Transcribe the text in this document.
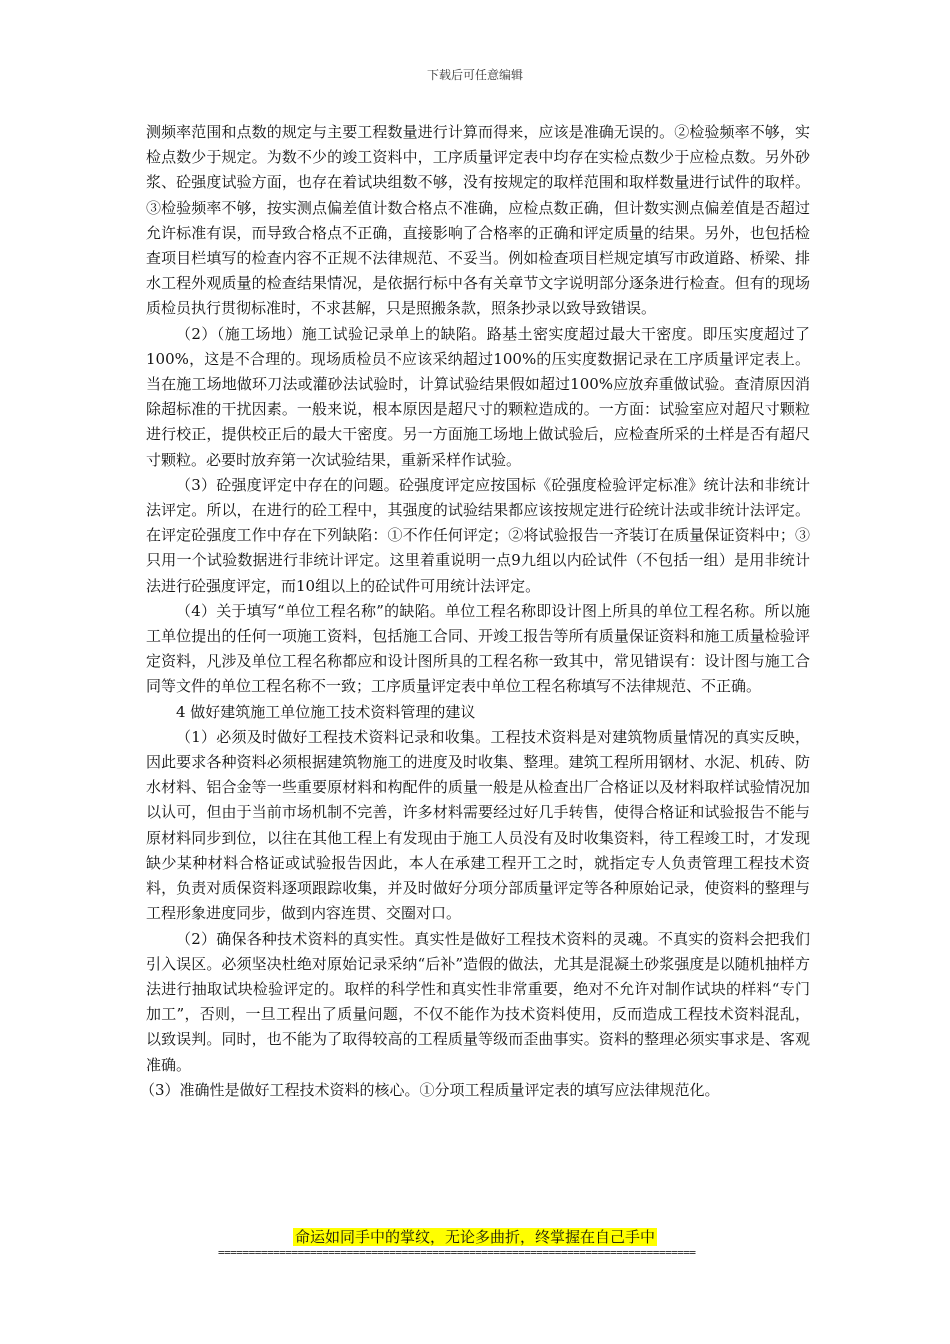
下载后可任意编辑

测频率范围和点数的规定与主要工程数量进行计算而得来，应该是准确无误的。②检验频率不够，实检点数少于规定。为数不少的竣工资料中，工序质量评定表中均存在实检点数少于应检点数。另外砂浆、砼强度试验方面，也存在着试块组数不够，没有按规定的取样范围和取样数量进行试件的取样。③检验频率不够，按实测点偏差值计数合格点不准确，应检点数正确，但计数实测点偏差值是否超过允许标准有误，而导致合格点不正确，直接影响了合格率的正确和评定质量的结果。另外，也包括检查项目栏填写的检查内容不正规不法律规范、不妥当。例如检查项目栏规定填写市政道路、桥梁、排水工程外观质量的检查结果情况，是依据行标中各有关章节文字说明部分逐条进行检查。但有的现场质检员执行贯彻标准时，不求甚解，只是照搬条款，照条抄录以致导致错误。

（2）（施工场地）施工试验记录单上的缺陷。路基土密实度超过最大干密度。即压实度超过了100%，这是不合理的。现场质检员不应该采纳超过100%的压实度数据记录在工序质量评定表上。当在施工场地做环刀法或灌砂法试验时，计算试验结果假如超过100%应放弃重做试验。查清原因消除超标准的干扰因素。一般来说，根本原因是超尺寸的颗粒造成的。一方面：试验室应对超尺寸颗粒进行校正，提供校正后的最大干密度。另一方面施工场地上做试验后，应检查所采的土样是否有超尺寸颗粒。必要时放弃第一次试验结果，重新采样作试验。

（3）砼强度评定中存在的问题。砼强度评定应按国标《砼强度检验评定标准》统计法和非统计法评定。所以，在进行的砼工程中，其强度的试验结果都应该按规定进行砼统计法或非统计法评定。在评定砼强度工作中存在下列缺陷：①不作任何评定；②将试验报告一齐装订在质量保证资料中；③只用一个试验数据进行非统计评定。这里着重说明一点9九组以内砼试件（不包括一组）是用非统计法进行砼强度评定，而10组以上的砼试件可用统计法评定。

（4）关于填写“单位工程名称”的缺陷。单位工程名称即设计图上所具的单位工程名称。所以施工单位提出的任何一项施工资料，包括施工合同、开竣工报告等所有质量保证资料和施工质量检验评定资料，凡涉及单位工程名称都应和设计图所具的工程名称一致其中，常见错误有：设计图与施工合同等文件的单位工程名称不一致；工序质量评定表中单位工程名称填写不法律规范、不正确。

4 做好建筑施工单位施工技术资料管理的建议

（1）必须及时做好工程技术资料记录和收集。工程技术资料是对建筑物质量情况的真实反映，因此要求各种资料必须根据建筑物施工的进度及时收集、整理。建筑工程所用钢材、水泥、机砖、防水材料、铝合金等一些重要原材料和构配件的质量一般是从检查出厂合格证以及材料取样试验情况加以认可，但由于当前市场机制不完善，许多材料需要经过好几手转售，使得合格证和试验报告不能与原材料同步到位，以往在其他工程上有发现由于施工人员没有及时收集资料，待工程竣工时，才发现缺少某种材料合格证或试验报告因此，本人在承建工程开工之时，就指定专人负责管理工程技术资料，负责对质保资料逐项跟踪收集，并及时做好分项分部质量评定等各种原始记录，使资料的整理与工程形象进度同步，做到内容连贯、交圈对口。

（2）确保各种技术资料的真实性。真实性是做好工程技术资料的灵魂。不真实的资料会把我们引入误区。必须坚决杜绝对原始记录采纳“后补”造假的做法，尤其是混凝土砂浆强度是以随机抽样方法进行抽取试块检验评定的。取样的科学性和真实性非常重要，绝对不允许对制作试块的样料“专门加工”，否则，一旦工程出了质量问题，不仅不能作为技术资料使用，反而造成工程技术资料混乱，以致误判。同时，也不能为了取得较高的工程质量等级而歪曲事实。资料的整理必须实事求是、客观准确。

（3）准确性是做好工程技术资料的核心。①分项工程质量评定表的填写应法律规范化。

命运如同手中的掌纹，无论多曲折，终掌握在自己手中
==============================================================================
